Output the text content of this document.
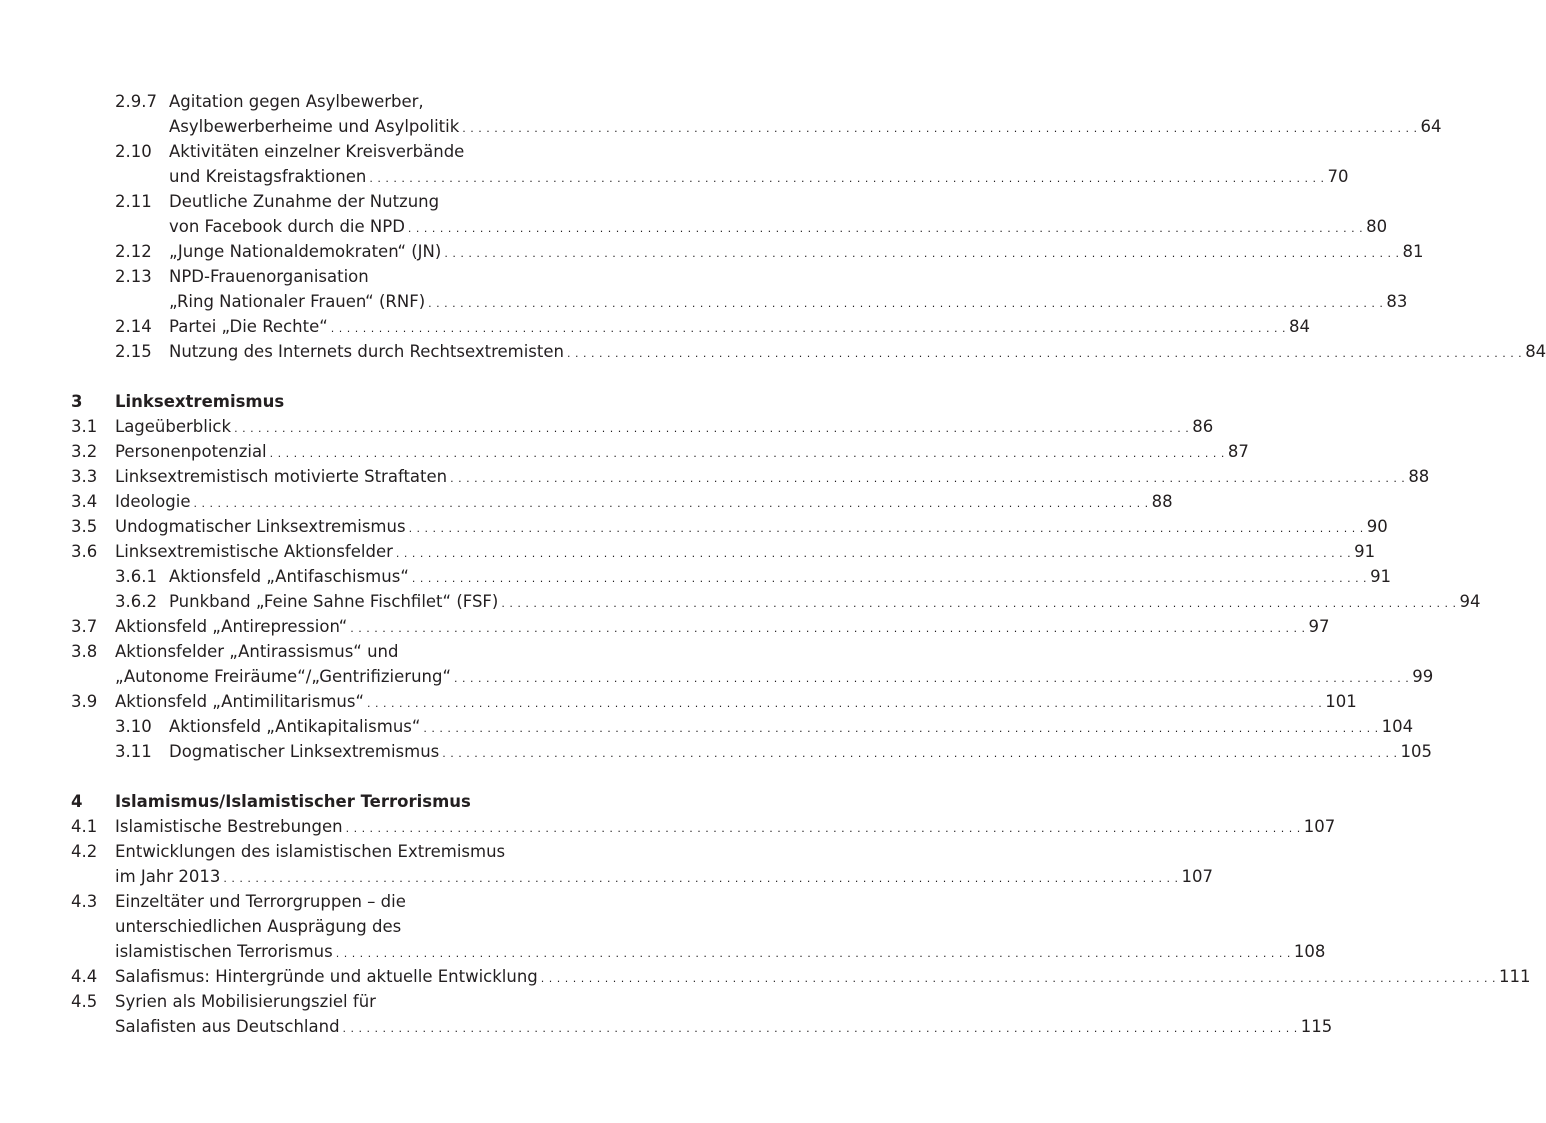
2.9.7 Agitation gegen Asylbewerber,
Asylbewerberheime und Asylpolitik . . . . . . . . . . . . . . . . . . . . . . . . . . . . . . . . . . . . . . . . . . . . . . . . . . . . . . . . . . . . . . . . . . . . . . . . . . . . . . . . . . . . . . . . . . . . . . . . . . . . . . . . . . . . . . . . . . . . . . . . 64
2.10 Aktivitäten einzelner Kreisverbände
und Kreistagsfraktionen . . . . . . . . . . . . . . . . . . . . . . . . . . . . . . . . . . . . . . . . . . . . . . . . . . . . . . . . . . . . . . . . . . . . . . . . . . . . . . . . . . . . . . . . . . . . . . . . . . . . . . . . . . . . . . . . . . . . . . . . 70
2.11 Deutliche Zunahme der Nutzung
von Facebook durch die NPD . . . . . . . . . . . . . . . . . . . . . . . . . . . . . . . . . . . . . . . . . . . . . . . . . . . . . . . . . . . . . . . . . . . . . . . . . . . . . . . . . . . . . . . . . . . . . . . . . . . . . . . . . . . . . . . . . . . . . . . . 80
2.12 „Junge Nationaldemokraten“ (JN) . . . . . . . . . . . . . . . . . . . . . . . . . . . . . . . . . . . . . . . . . . . . . . . . . . . . . . . . . . . . . . . . . . . . . . . . . . . . . . . . . . . . . . . . . . . . . . . . . . . . . . . . . . . . . . . . . . . . . . . . 81
2.13 NPD-Frauenorganisation
„Ring Nationaler Frauen“ (RNF) . . . . . . . . . . . . . . . . . . . . . . . . . . . . . . . . . . . . . . . . . . . . . . . . . . . . . . . . . . . . . . . . . . . . . . . . . . . . . . . . . . . . . . . . . . . . . . . . . . . . . . . . . . . . . . . . . . . . . . . . 83
2.14 Partei „Die Rechte“ . . . . . . . . . . . . . . . . . . . . . . . . . . . . . . . . . . . . . . . . . . . . . . . . . . . . . . . . . . . . . . . . . . . . . . . . . . . . . . . . . . . . . . . . . . . . . . . . . . . . . . . . . . . . . . . . . . . . . . . . 84
2.15 Nutzung des Internets durch Rechtsextremisten . . . . . . . . . . . . . . . . . . . . . . . . . . . . . . . . . . . . . . . . . . . . . . . . . . . . . . . . . . . . . . . . . . . . . . . . . . . . . . . . . . . . . . . . . . . . . . . . . . . . . . . . . . . . . . . . . . . . . . . . 84
3 Linksextremismus
3.1 Lageüberblick . . . . . . . . . . . . . . . . . . . . . . . . . . . . . . . . . . . . . . . . . . . . . . . . . . . . . . . . . . . . . . . . . . . . . . . . . . . . . . . . . . . . . . . . . . . . . . . . . . . . . . . . . . . . . . . . . . . . . . . . 86
3.2 Personenpotenzial . . . . . . . . . . . . . . . . . . . . . . . . . . . . . . . . . . . . . . . . . . . . . . . . . . . . . . . . . . . . . . . . . . . . . . . . . . . . . . . . . . . . . . . . . . . . . . . . . . . . . . . . . . . . . . . . . . . . . . . . 87
3.3 Linksextremistisch motivierte Straftaten . . . . . . . . . . . . . . . . . . . . . . . . . . . . . . . . . . . . . . . . . . . . . . . . . . . . . . . . . . . . . . . . . . . . . . . . . . . . . . . . . . . . . . . . . . . . . . . . . . . . . . . . . . . . . . . . . . . . . . . . 88
3.4 Ideologie . . . . . . . . . . . . . . . . . . . . . . . . . . . . . . . . . . . . . . . . . . . . . . . . . . . . . . . . . . . . . . . . . . . . . . . . . . . . . . . . . . . . . . . . . . . . . . . . . . . . . . . . . . . . . . . . . . . . . . . . 88
3.5 Undogmatischer Linksextremismus . . . . . . . . . . . . . . . . . . . . . . . . . . . . . . . . . . . . . . . . . . . . . . . . . . . . . . . . . . . . . . . . . . . . . . . . . . . . . . . . . . . . . . . . . . . . . . . . . . . . . . . . . . . . . . . . . . . . . . . . 90
3.6 Linksextremistische Aktionsfelder . . . . . . . . . . . . . . . . . . . . . . . . . . . . . . . . . . . . . . . . . . . . . . . . . . . . . . . . . . . . . . . . . . . . . . . . . . . . . . . . . . . . . . . . . . . . . . . . . . . . . . . . . . . . . . . . . . . . . . . . 91
3.6.1 Aktionsfeld „Antifaschismus“ . . . . . . . . . . . . . . . . . . . . . . . . . . . . . . . . . . . . . . . . . . . . . . . . . . . . . . . . . . . . . . . . . . . . . . . . . . . . . . . . . . . . . . . . . . . . . . . . . . . . . . . . . . . . . . . . . . . . . . . . 91
3.6.2 Punkband „Feine Sahne Fischfilet“ (FSF) . . . . . . . . . . . . . . . . . . . . . . . . . . . . . . . . . . . . . . . . . . . . . . . . . . . . . . . . . . . . . . . . . . . . . . . . . . . . . . . . . . . . . . . . . . . . . . . . . . . . . . . . . . . . . . . . . . . . . . . . 94
3.7 Aktionsfeld „Antirepression“ . . . . . . . . . . . . . . . . . . . . . . . . . . . . . . . . . . . . . . . . . . . . . . . . . . . . . . . . . . . . . . . . . . . . . . . . . . . . . . . . . . . . . . . . . . . . . . . . . . . . . . . . . . . . . . . . . . . . . . . . 97
3.8 Aktionsfelder „Antirassismus“ und
„Autonome Freiräume“/„Gentrifizierung“ . . . . . . . . . . . . . . . . . . . . . . . . . . . . . . . . . . . . . . . . . . . . . . . . . . . . . . . . . . . . . . . . . . . . . . . . . . . . . . . . . . . . . . . . . . . . . . . . . . . . . . . . . . . . . . . . . . . . . . . . 99
3.9 Aktionsfeld „Antimilitarismus“ . . . . . . . . . . . . . . . . . . . . . . . . . . . . . . . . . . . . . . . . . . . . . . . . . . . . . . . . . . . . . . . . . . . . . . . . . . . . . . . . . . . . . . . . . . . . . . . . . . . . . . . . . . . . . . . . . . . . . . . . 101
3.10 Aktionsfeld „Antikapitalismus“ . . . . . . . . . . . . . . . . . . . . . . . . . . . . . . . . . . . . . . . . . . . . . . . . . . . . . . . . . . . . . . . . . . . . . . . . . . . . . . . . . . . . . . . . . . . . . . . . . . . . . . . . . . . . . . . . . . . . . . . . 104
3.11 Dogmatischer Linksextremismus . . . . . . . . . . . . . . . . . . . . . . . . . . . . . . . . . . . . . . . . . . . . . . . . . . . . . . . . . . . . . . . . . . . . . . . . . . . . . . . . . . . . . . . . . . . . . . . . . . . . . . . . . . . . . . . . . . . . . . . . 105
4 Islamismus/Islamistischer Terrorismus
4.1 Islamistische Bestrebungen . . . . . . . . . . . . . . . . . . . . . . . . . . . . . . . . . . . . . . . . . . . . . . . . . . . . . . . . . . . . . . . . . . . . . . . . . . . . . . . . . . . . . . . . . . . . . . . . . . . . . . . . . . . . . . . . . . . . . . . . 107
4.2 Entwicklungen des islamistischen Extremismus
im Jahr 2013 . . . . . . . . . . . . . . . . . . . . . . . . . . . . . . . . . . . . . . . . . . . . . . . . . . . . . . . . . . . . . . . . . . . . . . . . . . . . . . . . . . . . . . . . . . . . . . . . . . . . . . . . . . . . . . . . . . . . . . . . 107
4.3 Einzeltäter und Terrorgruppen – die
unterschiedlichen Ausprägung des
islamistischen Terrorismus . . . . . . . . . . . . . . . . . . . . . . . . . . . . . . . . . . . . . . . . . . . . . . . . . . . . . . . . . . . . . . . . . . . . . . . . . . . . . . . . . . . . . . . . . . . . . . . . . . . . . . . . . . . . . . . . . . . . . . . . 108
4.4 Salafismus: Hintergründe und aktuelle Entwicklung . . . . . . . . . . . . . . . . . . . . . . . . . . . . . . . . . . . . . . . . . . . . . . . . . . . . . . . . . . . . . . . . . . . . . . . . . . . . . . . . . . . . . . . . . . . . . . . . . . . . . . . . . . . . . . . . . . . . . . . . 111
4.5 Syrien als Mobilisierungsziel für
Salafisten aus Deutschland . . . . . . . . . . . . . . . . . . . . . . . . . . . . . . . . . . . . . . . . . . . . . . . . . . . . . . . . . . . . . . . . . . . . . . . . . . . . . . . . . . . . . . . . . . . . . . . . . . . . . . . . . . . . . . . . . . . . . . . . 115
